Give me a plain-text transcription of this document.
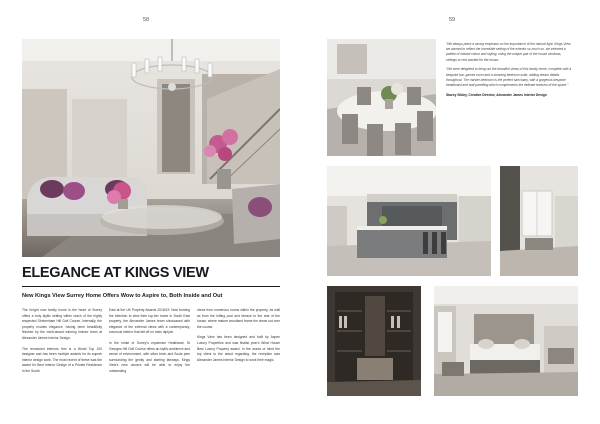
58	59
ELEGANCE AT KINGS VIEW
New Kings View Surrey Home Offers Wow to Aspire to, Both Inside and Out

The Knight new family home is the heart of Surrey offers a truly idyllic setting within reach of the highly respected Shrivenham Hill Golf Course. Internally, the property exudes elegance, having been beautifully finished by the multi-award winning interior team at Alexander James Interior Design.

The renowned interiors firm is a World Top 100 designer and has been multiple awards for its superb interior design work. The most recent of these was the award for Best Interior Design of a Private Residence in the South

East at the UK Property Awards 2018/19. Now forming the intention to view their top-tier home in South East property, the Alexander James team showcased with elegance of the external views with a contemporary, luxurious interior that fall off on main diptych.

In the midst of Surrey's expansive Heathland, St Georges Hill Golf Course offers an idyllic ambience and sense of environment, with silver birch and Scots pine surrounding the gently and starting fairways. Kings View's new owners will be able to enjoy the outstanding

views from numerous rooms within the property, as well as from the lofting pool and terrace to the rear of the house, where mature woodland frame the views out over the course.

Kings View has been designed and built by Aspen Luxury Properties and was finalist year's What House Best Luxury Property award. In the words of mind the top client to the about regarding, the reception was Alexander James Interior Design to work their magic.

“We always place a strong emphasis on the importance of the natural light. Kings View, we wanted to reflect the incredible setting of the exterior so much so, we selected a palette of natural colour and styling, using the unique pair of the house windows, ceilings or rest wanted for the house.

“We were delighted to bring out the beautiful views of this family home, complete with a bespoke bar, games room and a stunning bedroom suite, adding dream details throughout. The master bedroom is the perfect sanctuary, with a gorgeous bespoke headboard and wall panelling which complements the delicate textures of the space.”

Stacey Sibley, Creative Director, Alexander James Interior Design
